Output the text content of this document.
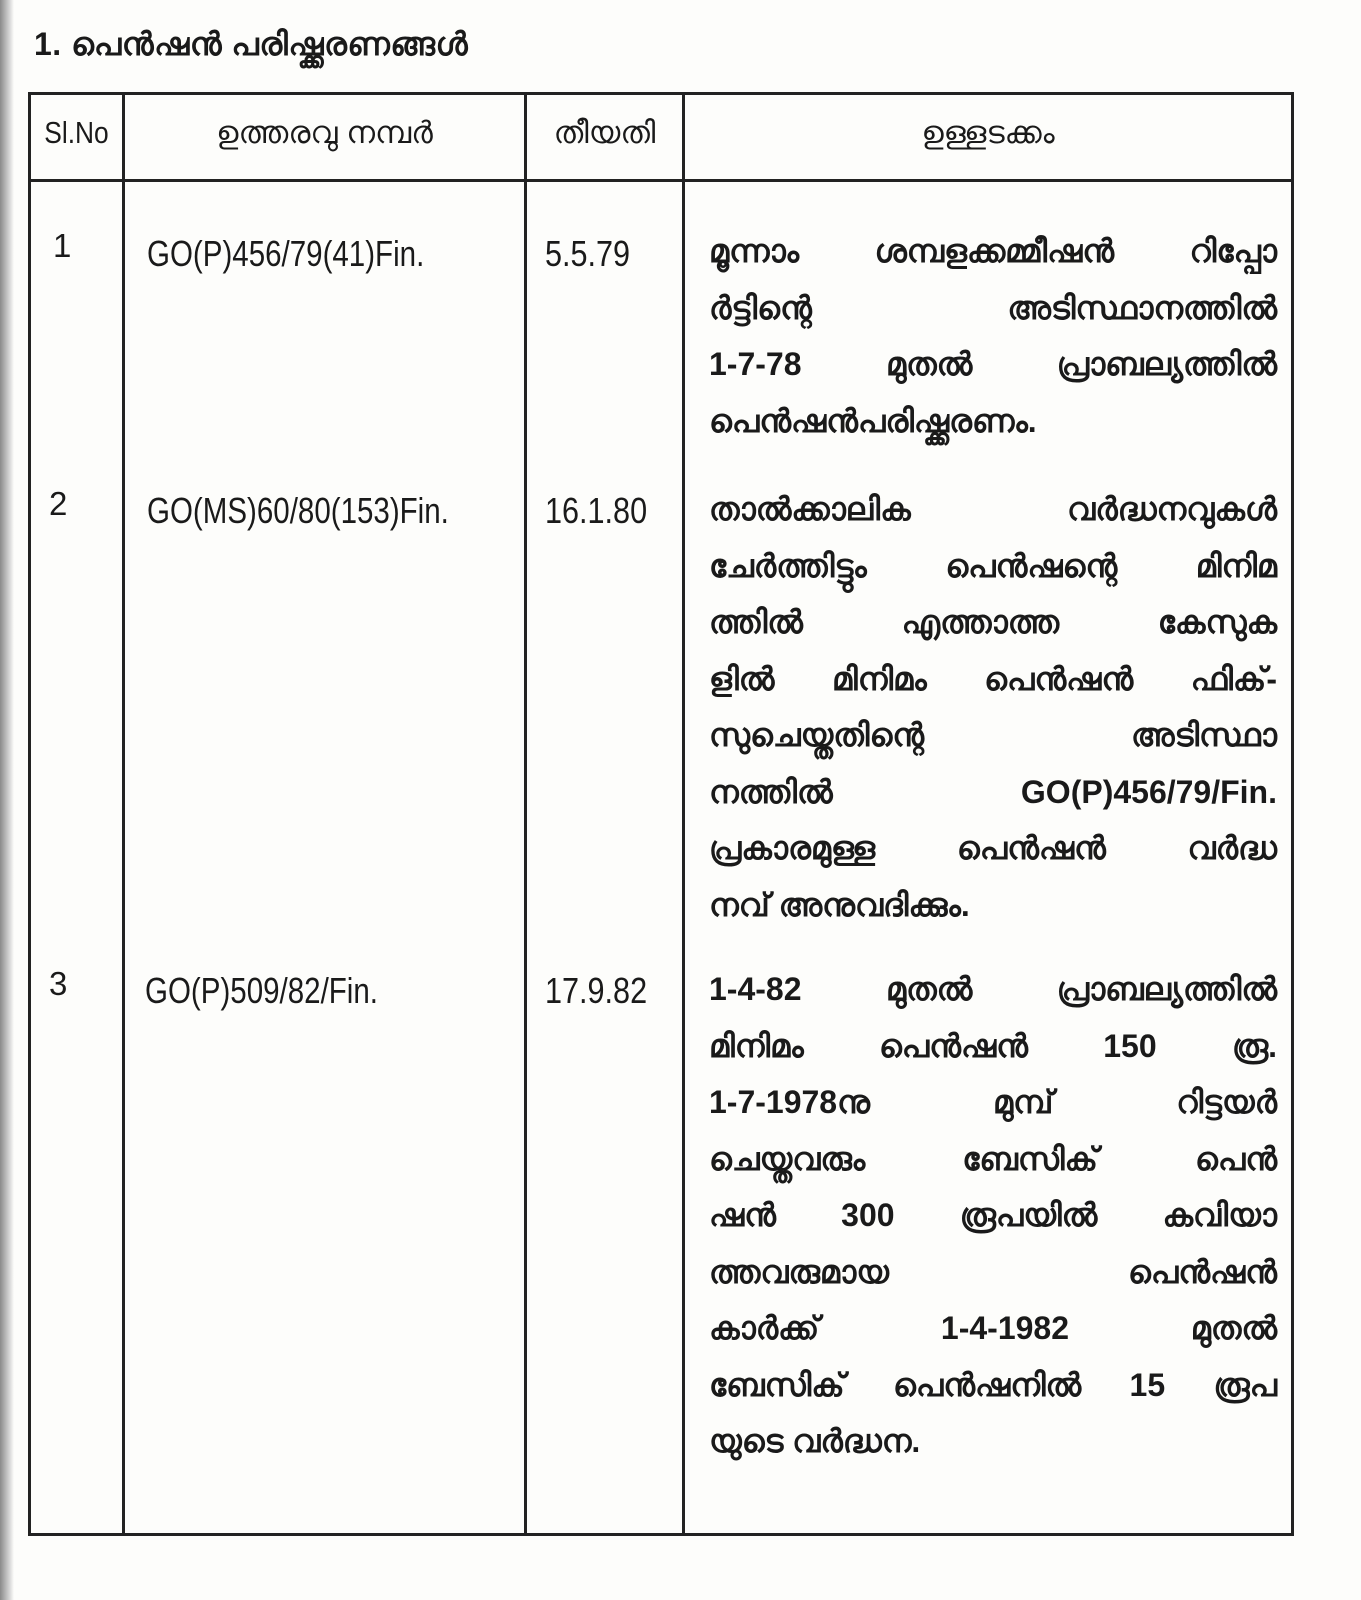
1. പെൻഷൻ പരിഷ്ക്കരണങ്ങൾ
Sl.No	ഉത്തരവു നമ്പർ	തീയതി	ഉള്ളടക്കം
1 GO(P)456/79(41)Fin.	5.5.79 മൂന്നാം ശമ്പളക്കമ്മീഷൻ റിപ്പോ
ർട്ടിന്റെ അടിസ്ഥാനത്തിൽ
1-7-78 മുതൽ പ്രാബല്യത്തിൽ
പെൻഷൻപരിഷ്ക്കരണം.
2 GO(MS)60/80(153)Fin.	16.1.80 താൽക്കാലിക വർദ്ധനവുകൾ
ചേർത്തിട്ടും പെൻഷന്റെ മിനിമ
ത്തിൽ എത്താത്ത കേസുക
ളിൽ മിനിമം പെൻഷൻ ഫിക്-
സുചെയ്തതിന്റെ അടിസ്ഥാ
നത്തിൽ GO(P)456/79/Fin.
പ്രകാരമുള്ള പെൻഷൻ വർദ്ധ
നവ് അനുവദിക്കും.
3 GO(P)509/82/Fin.	17.9.82 1-4-82 മുതൽ പ്രാബല്യത്തിൽ
മിനിമം പെൻഷൻ 150 രൂ.
1-7-1978നു മുമ്പ് റിട്ടയർ
ചെയ്തവരും ബേസിക് പെൻ
ഷൻ 300 രൂപയിൽ കവിയാ
ത്തവരുമായ പെൻഷൻ
കാർക്ക് 1-4-1982 മുതൽ
ബേസിക് പെൻഷനിൽ 15 രൂപ
യുടെ വർദ്ധന.
